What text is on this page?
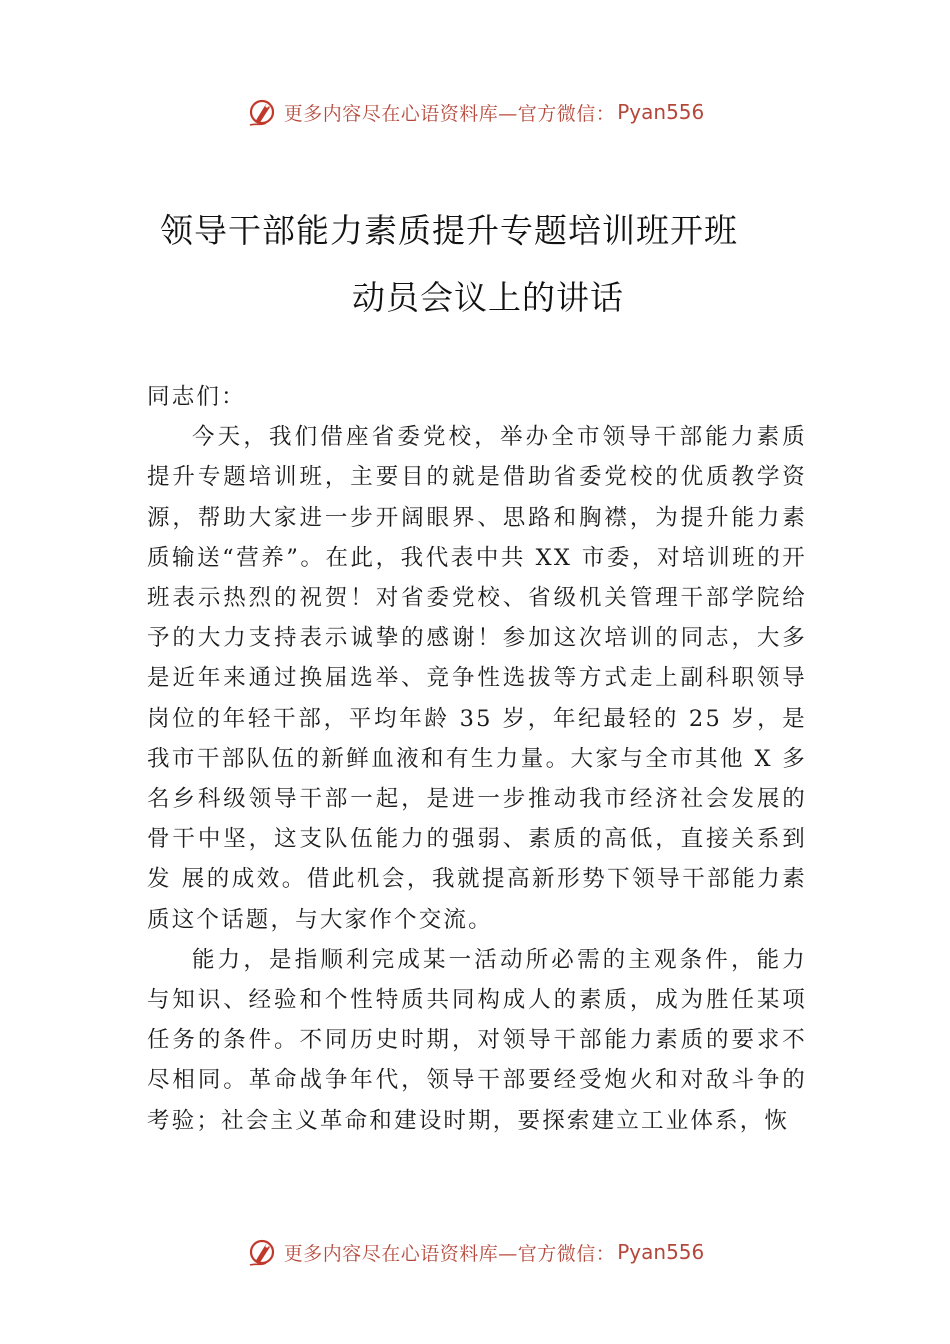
更多内容尽在心语资料库—官方微信： Pyan556
领导干部能力素质提升专题培训班开班
动员会议上的讲话

同志们：

今天，我们借座省委党校，举办全市领导干部能力素质提升专题培训班，主要目的就是借助省委党校的优质教学资源，帮助大家进一步开阔眼界、思路和胸襟，为提升能力素质输送“营养”。在此，我代表中共 XX 市委，对培训班的开班表示热烈的祝贺！对省委党校、省级机关管理干部学院给予的大力支持表示诚挚的感谢！参加这次培训的同志，大多是近年来通过换届选举、竞争性选拔等方式走上副科职领导岗位的年轻干部，平均年龄 35 岁，年纪最轻的 25 岁，是我市干部队伍的新鲜血液和有生力量。大家与全市其他 X 多名乡科级领导干部一起，是进一步推动我市经济社会发展的骨干中坚，这支队伍能力的强弱、素质的高低，直接关系到发 展的成效。借此机会，我就提高新形势下领导干部能力素质这个话题，与大家作个交流。

能力，是指顺利完成某一活动所必需的主观条件，能力与知识、经验和个性特质共同构成人的素质，成为胜任某项任务的条件。不同历史时期，对领导干部能力素质的要求不尽相同。革命战争年代，领导干部要经受炮火和对敌斗争的考验；社会主义革命和建设时期，要探索建立工业体系，恢

更多内容尽在心语资料库—官方微信： Pyan556
